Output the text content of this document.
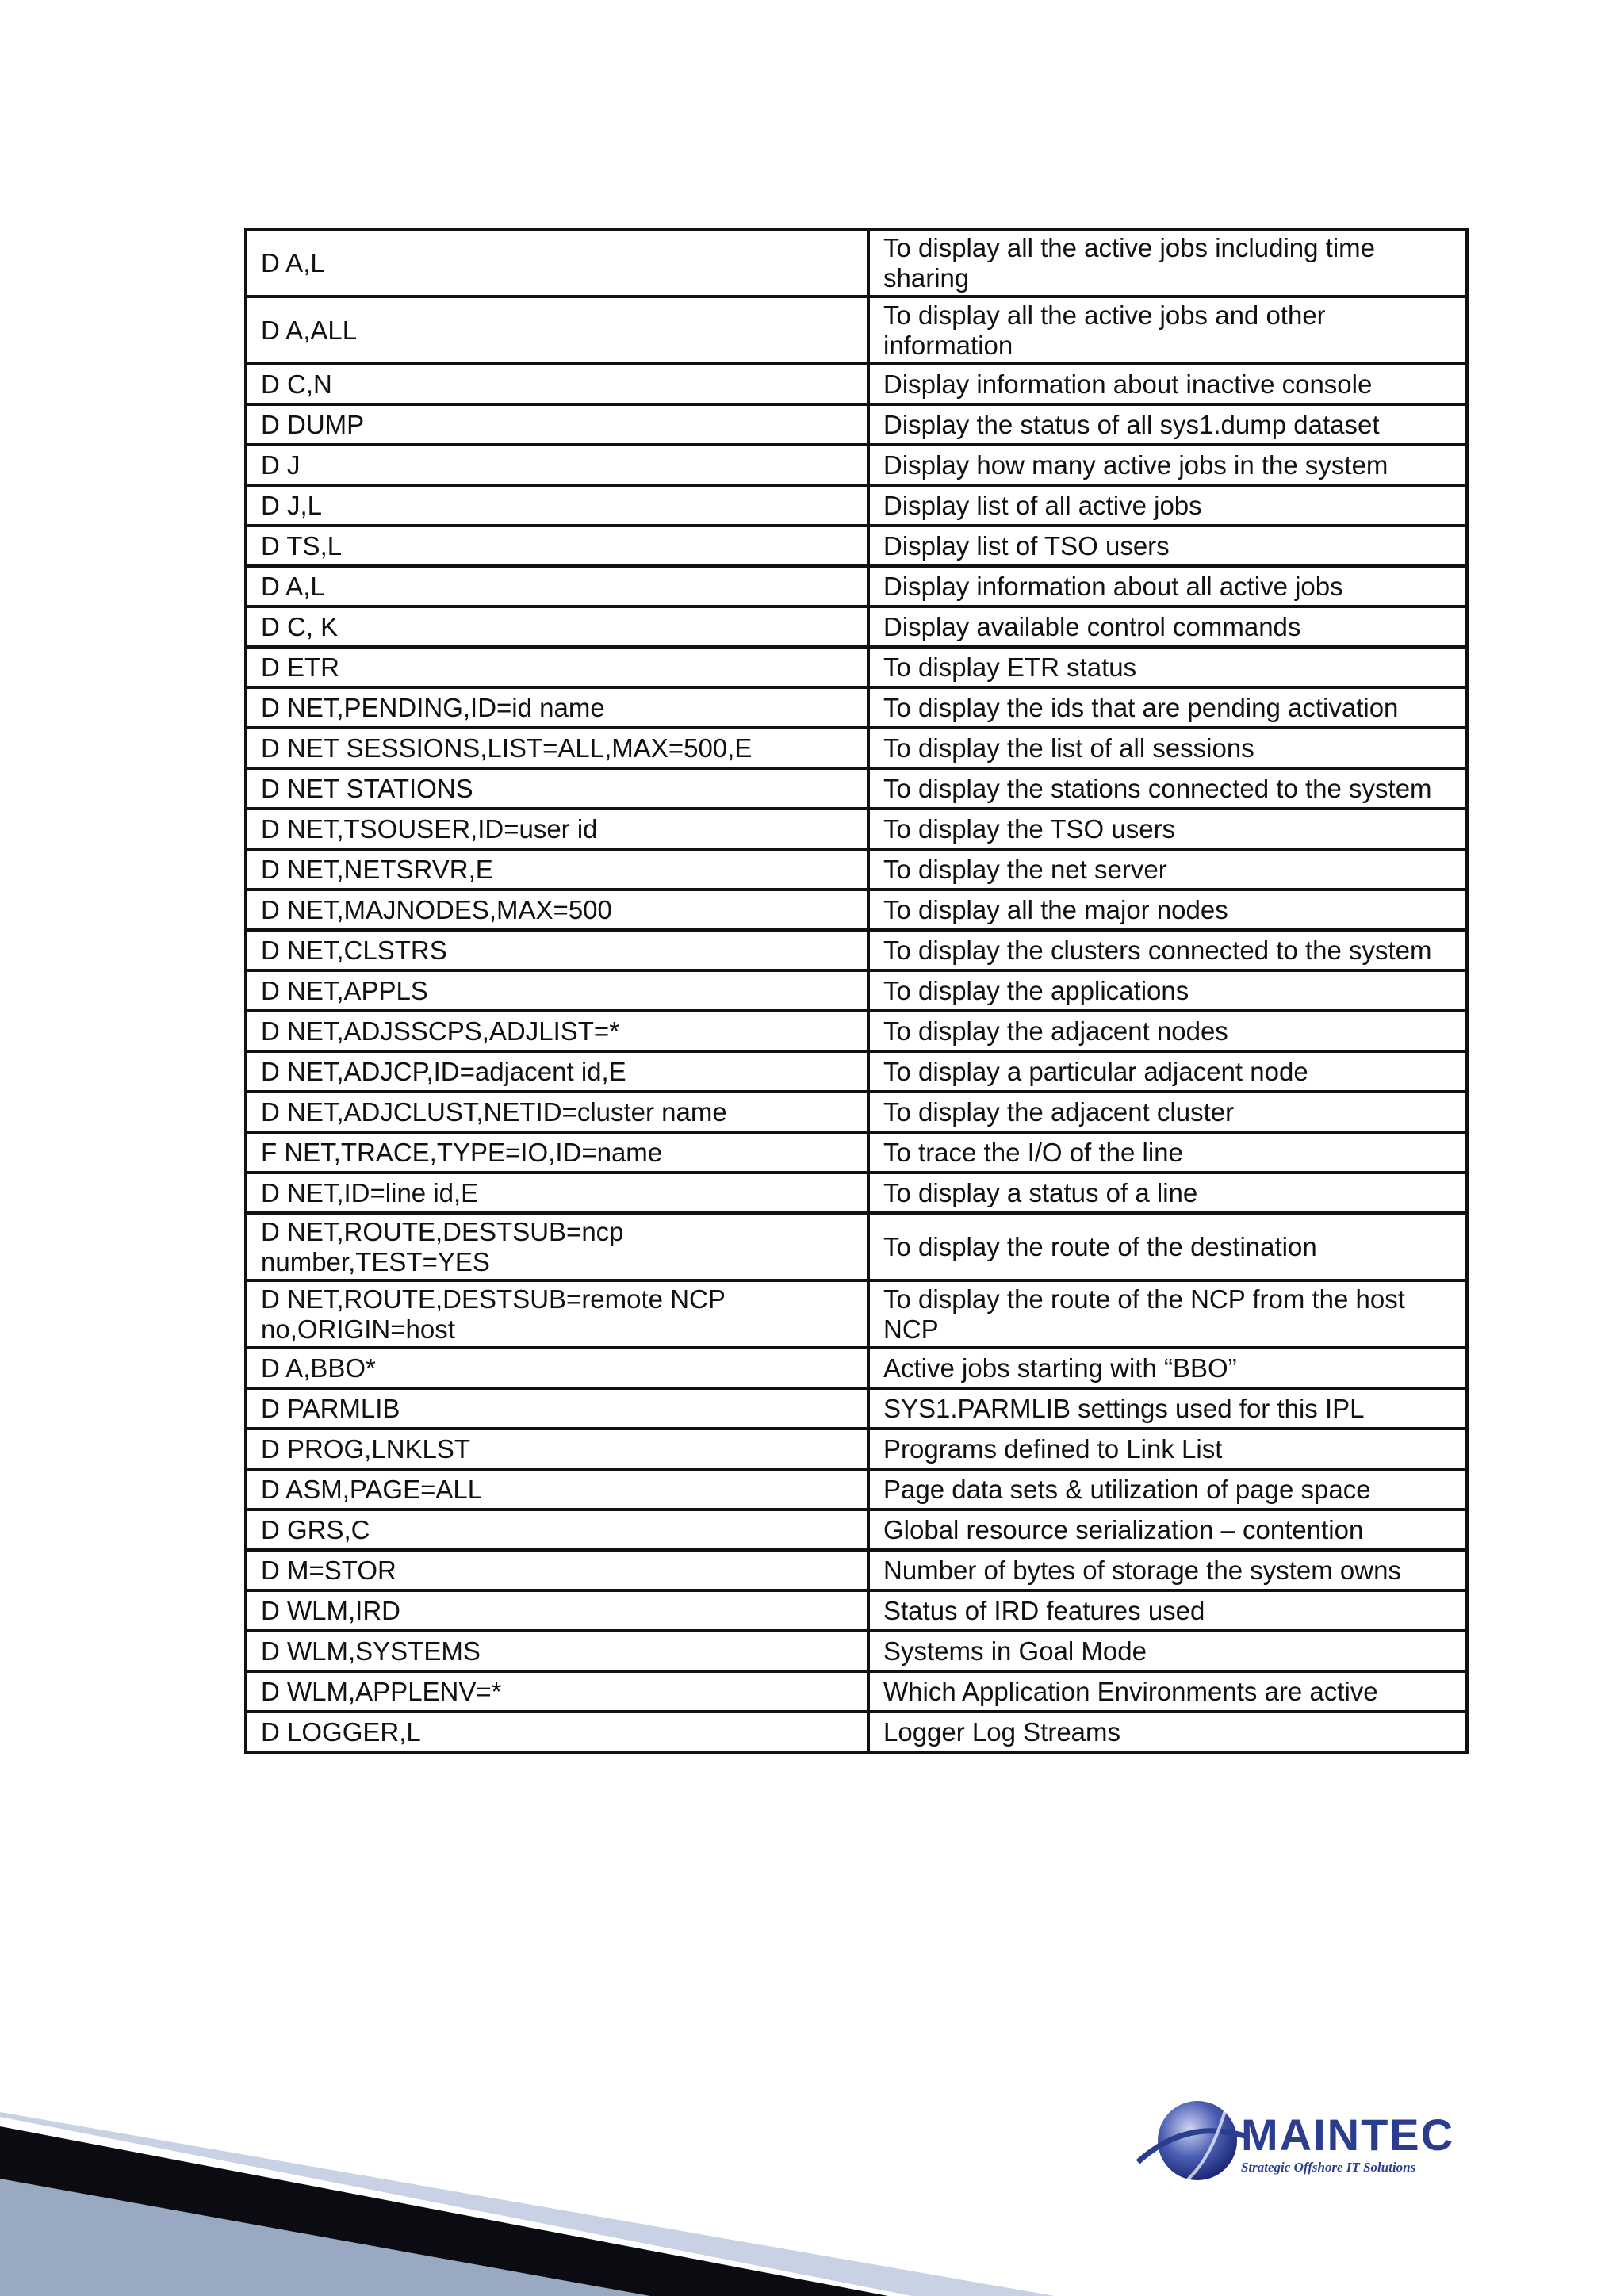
D A,L	To display all the active jobs including time sharing
D A,ALL	To display all the active jobs and other information
D C,N	Display information about inactive console
D DUMP	Display the status of all sys1.dump dataset
D J	Display how many active jobs in the system
D J,L	Display list of all active jobs
D TS,L	Display list of TSO users
D A,L	Display information about all active jobs
D C, K	Display available control commands
D ETR	To display ETR status
D NET,PENDING,ID=id name	To display the ids that are pending activation
D NET SESSIONS,LIST=ALL,MAX=500,E	To display the list of all sessions
D NET STATIONS	To display the stations connected to the system
D NET,TSOUSER,ID=user id	To display the TSO users
D NET,NETSRVR,E	To display the net server
D NET,MAJNODES,MAX=500	To display all the major nodes
D NET,CLSTRS	To display the clusters connected to the system
D NET,APPLS	To display the applications
D NET,ADJSSCPS,ADJLIST=*	To display the adjacent nodes
D NET,ADJCP,ID=adjacent id,E	To display a particular adjacent node
D NET,ADJCLUST,NETID=cluster name	To display the adjacent cluster
F NET,TRACE,TYPE=IO,ID=name	To trace the I/O of the line
D NET,ID=line id,E	To display a status of a line
D NET,ROUTE,DESTSUB=ncp number,TEST=YES	To display the route of the destination
D NET,ROUTE,DESTSUB=remote NCP no,ORIGIN=host	To display the route of the NCP from the host NCP
D A,BBO*	Active jobs starting with “BBO”
D PARMLIB	SYS1.PARMLIB settings used for this IPL
D PROG,LNKLST	Programs defined to Link List
D ASM,PAGE=ALL	Page data sets & utilization of page space
D GRS,C	Global resource serialization – contention
D M=STOR	Number of bytes of storage the system owns
D WLM,IRD	Status of IRD features used
D WLM,SYSTEMS	Systems in Goal Mode
D WLM,APPLENV=*	Which Application Environments are active
D LOGGER,L	Logger Log Streams
MAINTEC
Strategic Offshore IT Solutions
